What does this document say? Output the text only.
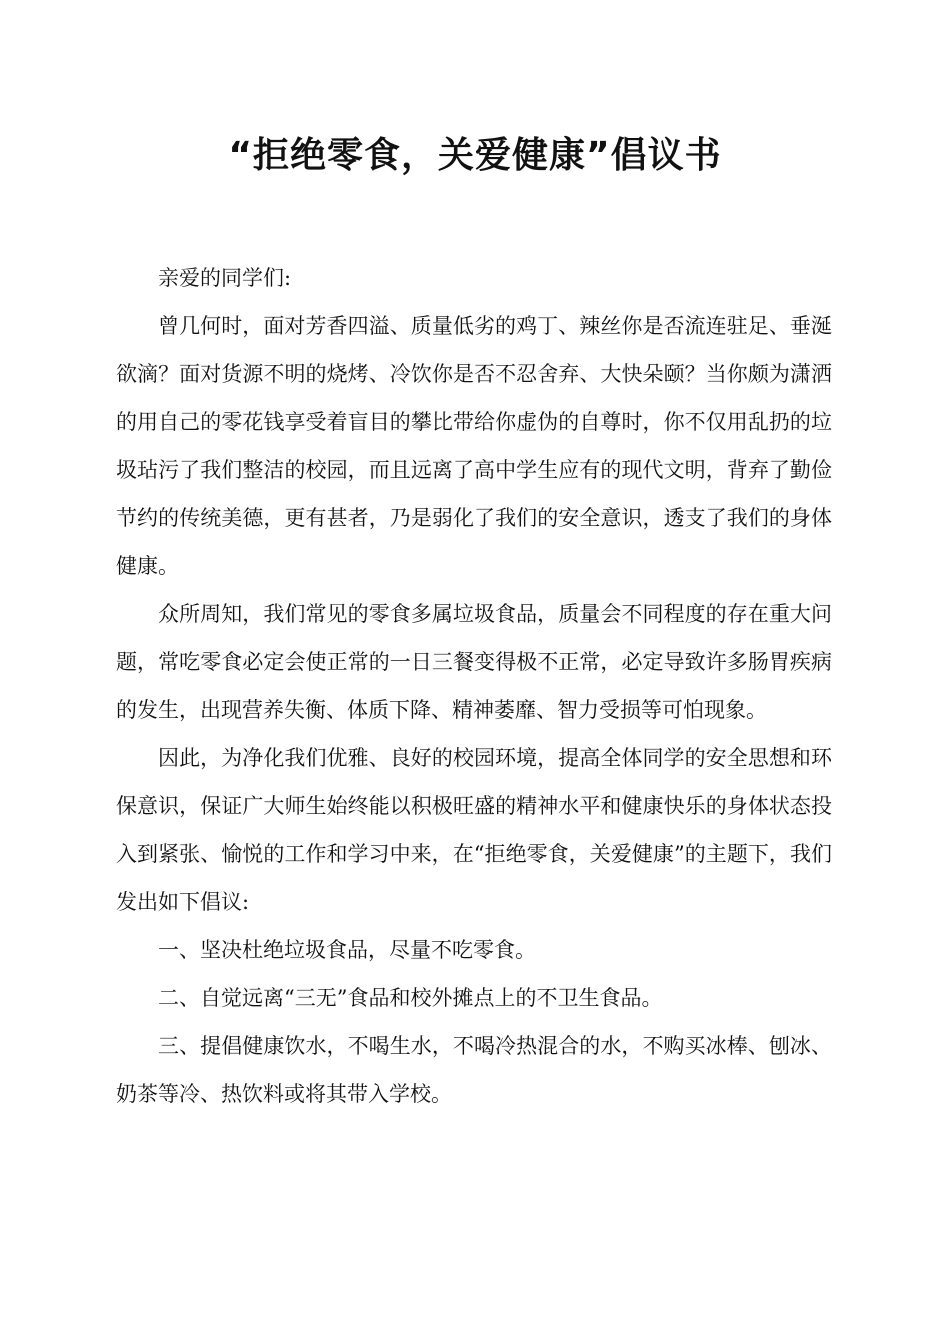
“拒绝零食，关爱健康”倡议书

亲爱的同学们:

曾几何时，面对芳香四溢、质量低劣的鸡丁、辣丝你是否流连驻足、垂涎欲滴？面对货源不明的烧烤、冷饮你是否不忍舍弃、大快朵颐？当你颇为潇洒的用自己的零花钱享受着盲目的攀比带给你虚伪的自尊时，你不仅用乱扔的垃圾玷污了我们整洁的校园，而且远离了高中学生应有的现代文明，背弃了勤俭节约的传统美德，更有甚者，乃是弱化了我们的安全意识，透支了我们的身体健康。

众所周知，我们常见的零食多属垃圾食品，质量会不同程度的存在重大问题，常吃零食必定会使正常的一日三餐变得极不正常，必定导致许多肠胃疾病的发生，出现营养失衡、体质下降、精神萎靡、智力受损等可怕现象。

因此，为净化我们优雅、良好的校园环境，提高全体同学的安全思想和环保意识，保证广大师生始终能以积极旺盛的精神水平和健康快乐的身体状态投入到紧张、愉悦的工作和学习中来，在“拒绝零食，关爱健康”的主题下，我们发出如下倡议:

一、坚决杜绝垃圾食品，尽量不吃零食。

二、自觉远离“三无”食品和校外摊点上的不卫生食品。

三、提倡健康饮水，不喝生水，不喝冷热混合的水，不购买冰棒、刨冰、奶茶等冷、热饮料或将其带入学校。
